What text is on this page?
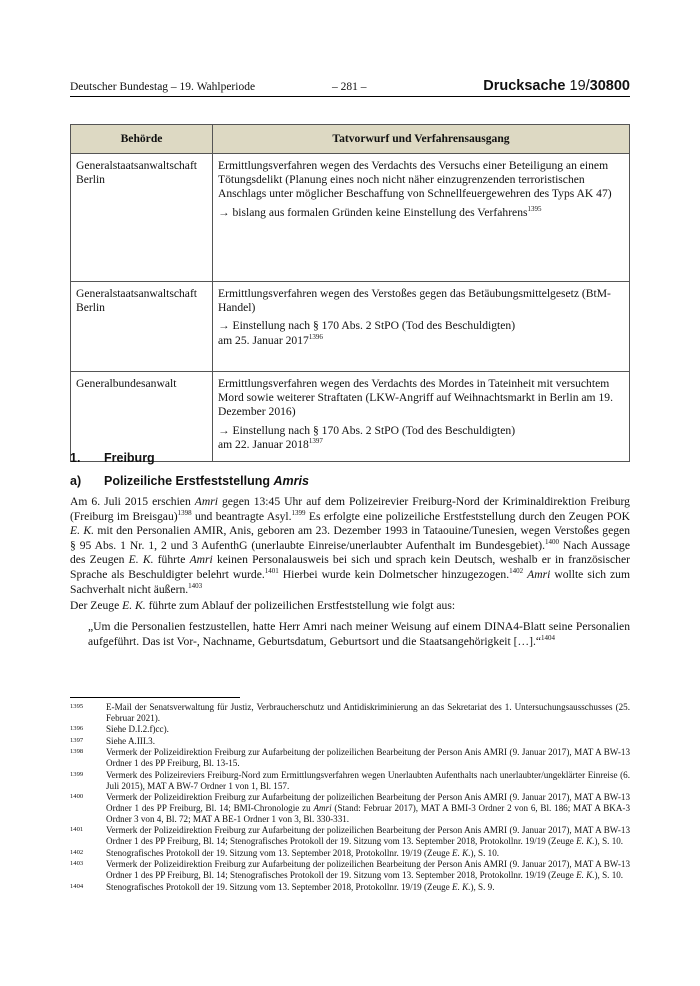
Deutscher Bundestag – 19. Wahlperiode	– 281 –	Drucksache 19/30800
Behörde	Tatvorwurf und Verfahrensausgang
Generalstaatsanwaltschaft Berlin	Ermittlungsverfahren wegen des Verdachts des Versuchs einer Beteiligung an einem Tötungsdelikt (Planung eines noch nicht näher einzugrenzenden terroristischen Anschlags unter möglicher Beschaffung von Schnellfeuergewehren des Typs AK 47)

→ bislang aus formalen Gründen keine Einstellung des Verfahrens$^{1395}$

Generalstaatsanwaltschaft Berlin	Ermittlungsverfahren wegen des Verstoßes gegen das Betäubungsmittelgesetz (BtM-Handel)

→ Einstellung nach § 170 Abs. 2 StPO (Tod des Beschuldigten)
am 25. Januar $2017^{1396}$

Generalbundesanwalt	Ermittlungsverfahren wegen des Verdachts des Mordes in Tateinheit mit versuchtem Mord sowie weiterer Straftaten (LKW-Angriff auf Weihnachtsmarkt in Berlin am 19. Dezember 2016)

→ Einstellung nach § 170 Abs. 2 StPO (Tod des Beschuldigten)
am 22. Januar $2018^{1397}$

1. Freiburg
a) Polizeiliche Erstfeststellung Amris

Am 6. Juli 2015 erschien Amri gegen 13:45 Uhr auf dem Polizeirevier Freiburg-Nord der Kriminaldirektion Freiburg (Freiburg im Breisgau)$^{1398}$ und beantragte Asyl.$^{1399}$ Es erfolgte eine polizeiliche Erstfeststellung durch den Zeugen POK E. K. mit den Personalien AMIR, Anis, geboren am 23. Dezember 1993 in Tataouine/Tunesien, wegen Verstoßes gegen § 95 Abs. 1 Nr. 1, 2 und 3 AufenthG (unerlaubte Einreise/unerlaubter Aufenthalt im Bundesgebiet).$^{1400}$ Nach Aussage des Zeugen E. K. führte Amri keinen Personalausweis bei sich und sprach kein Deutsch, weshalb er in französischer Sprache als Beschuldigter belehrt wurde.$^{1401}$ Hierbei wurde kein Dolmetscher hinzugezogen.$^{1402}$ Amri wollte sich zum Sachverhalt nicht äußern.$^{1403}$

Der Zeuge E. K. führte zum Ablauf der polizeilichen Erstfeststellung wie folgt aus:

„Um die Personalien festzustellen, hatte Herr Amri nach meiner Weisung auf einem DINA4-Blatt seine Personalien aufgeführt. Das ist Vor-, Nachname, Geburtsdatum, Geburtsort und die Staatsangehörigkeit […].“$^{1404}$

1395	E-Mail der Senatsverwaltung für Justiz, Verbraucherschutz und Antidiskriminierung an das Sekretariat des 1. Untersuchungsausschusses (25. Februar 2021).
1396	Siehe D.I.2.f)cc).
1397	Siehe A.III.3.
1398	Vermerk der Polizeidirektion Freiburg zur Aufarbeitung der polizeilichen Bearbeitung der Person Anis AMRI (9. Januar 2017), MAT A BW-13 Ordner 1 des PP Freiburg, Bl. 13-15.
1399	Vermerk des Polizeireviers Freiburg-Nord zum Ermittlungsverfahren wegen Unerlaubten Aufenthalts nach unerlaubter/ungeklärter Einreise (6. Juli 2015), MAT A BW-7 Ordner 1 von 1, Bl. 157.
1400	Vermerk der Polizeidirektion Freiburg zur Aufarbeitung der polizeilichen Bearbeitung der Person Anis AMRI (9. Januar 2017), MAT A BW-13 Ordner 1 des PP Freiburg, Bl. 14; BMI-Chronologie zu Amri (Stand: Februar 2017), MAT A BMI-3 Ordner 2 von 6, Bl. 186; MAT A BKA-3 Ordner 3 von 4, Bl. 72; MAT A BE-1 Ordner 1 von 3, Bl. 330-331.
1401	Vermerk der Polizeidirektion Freiburg zur Aufarbeitung der polizeilichen Bearbeitung der Person Anis AMRI (9. Januar 2017), MAT A BW-13 Ordner 1 des PP Freiburg, Bl. 14; Stenografisches Protokoll der 19. Sitzung vom 13. September 2018, Protokollnr. 19/19 (Zeuge E. K.), S. 10.
1402	Stenografisches Protokoll der 19. Sitzung vom 13. September 2018, Protokollnr. 19/19 (Zeuge E. K.), S. 10.
1403	Vermerk der Polizeidirektion Freiburg zur Aufarbeitung der polizeilichen Bearbeitung der Person Anis AMRI (9. Januar 2017), MAT A BW-13 Ordner 1 des PP Freiburg, Bl. 14; Stenografisches Protokoll der 19. Sitzung vom 13. September 2018, Protokollnr. 19/19 (Zeuge E. K.), S. 10.
1404	Stenografisches Protokoll der 19. Sitzung vom 13. September 2018, Protokollnr. 19/19 (Zeuge E. K.), S. 9.
